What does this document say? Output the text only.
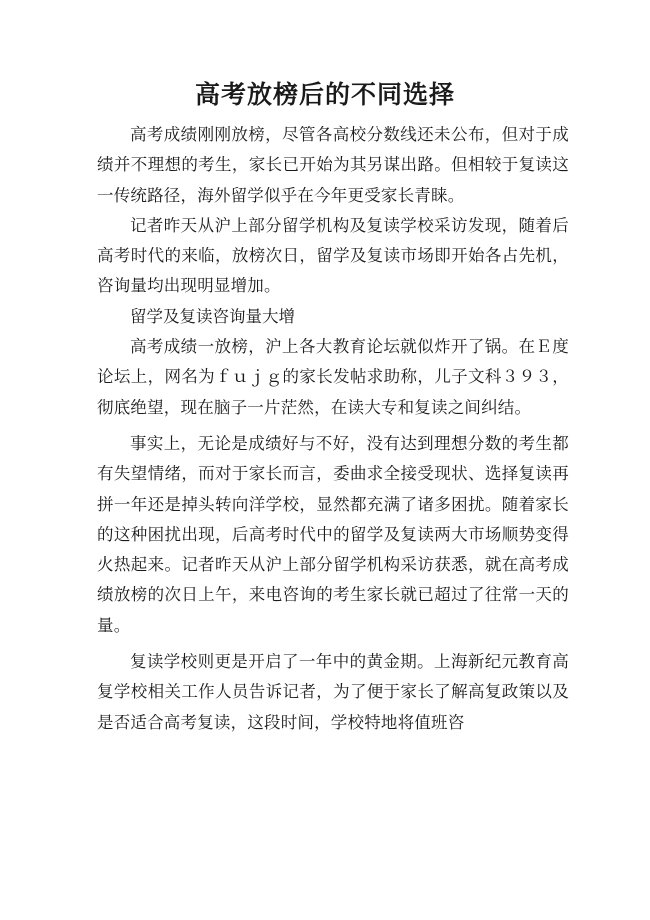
高考放榜后的不同选择

高考成绩刚刚放榜，尽管各高校分数线还未公布，但对于成绩并不理想的考生，家长已开始为其另谋出路。但相较于复读这一传统路径，海外留学似乎在今年更受家长青睐。

记者昨天从沪上部分留学机构及复读学校采访发现，随着后高考时代的来临，放榜次日，留学及复读市场即开始各占先机，咨询量均出现明显增加。

留学及复读咨询量大增

高考成绩一放榜，沪上各大教育论坛就似炸开了锅。在Ｅ度论坛上，网名为ｆｕｊｇ的家长发帖求助称，儿子文科３９３，彻底绝望，现在脑子一片茫然，在读大专和复读之间纠结。

事实上，无论是成绩好与不好，没有达到理想分数的考生都有失望情绪，而对于家长而言，委曲求全接受现状、选择复读再拼一年还是掉头转向洋学校，显然都充满了诸多困扰。随着家长的这种困扰出现，后高考时代中的留学及复读两大市场顺势变得火热起来。记者昨天从沪上部分留学机构采访获悉，就在高考成绩放榜的次日上午，来电咨询的考生家长就已超过了往常一天的量。

复读学校则更是开启了一年中的黄金期。上海新纪元教育高复学校相关工作人员告诉记者，为了便于家长了解高复政策以及是否适合高考复读，这段时间，学校特地将值班咨
